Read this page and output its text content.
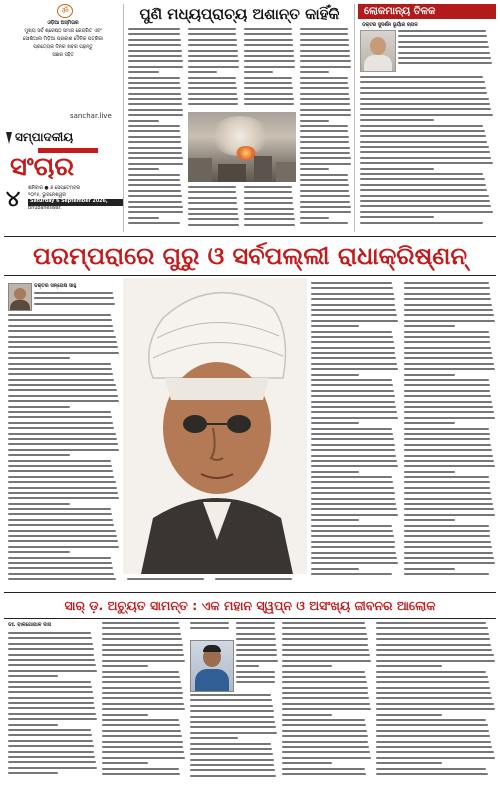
ॐ
ଓଡ଼ିଆ ଅସ୍ମିତାର
ମୁଖ୍ୟ ସର୍ବ ଶ୍ରେଷ୍ଠ ସମାଜ କେନ୍ଦ୍ରିତ ଏବଂ
ସୋଶିଆଲ ମିଡ଼ିଆ ପ୍ରକାଶ ଦୈନିକ ପତ୍ରିକା
ପ୍ରତ୍ୟେକ ଦିନର ଖବର ପଢ଼ନ୍ତୁ
ସଞ୍ଚାର ସହିତ
sanchar.live
ସମ୍ପାଦକୀୟ
ସଂଚାର
୪	ଶନିବାର ● ୬ ସେପ୍ଟେମ୍ବର
୨୦୨୫, ଭୁବନେଶ୍ୱର
Saturday 6 September 2026,
Bhubaneswar.
ପୁଣି ମଧ୍ୟପ୍ରାଚ୍ୟ ଅଶାନ୍ତ କାହିଁକି	ଲୋକମାନ୍ୟ ତିଳକ
ଡକ୍ଟର ସୁଦର୍ଶନ ଭୂୟାଁର ଚାପଳ
ପରମ୍ପରାରେ ଗୁରୁ ଓ ସର୍ବପଲ୍ଲୀ ରାଧାକ୍ରିଷ୍ଣନ୍
ଡକ୍ଟର ସନ୍ତୋଷ ସାହୁ
ସାର୍ ଡ଼. ଅଚ୍ୟୁତ ସାମନ୍ତ : ଏକ ମହାନ ସ୍ୱପ୍ନ ଓ ଅସଂଖ୍ୟ ଜୀବନର ଆଲୋକ
ଡଃ. ବାଳଗୋପାଳ ଦାସ
